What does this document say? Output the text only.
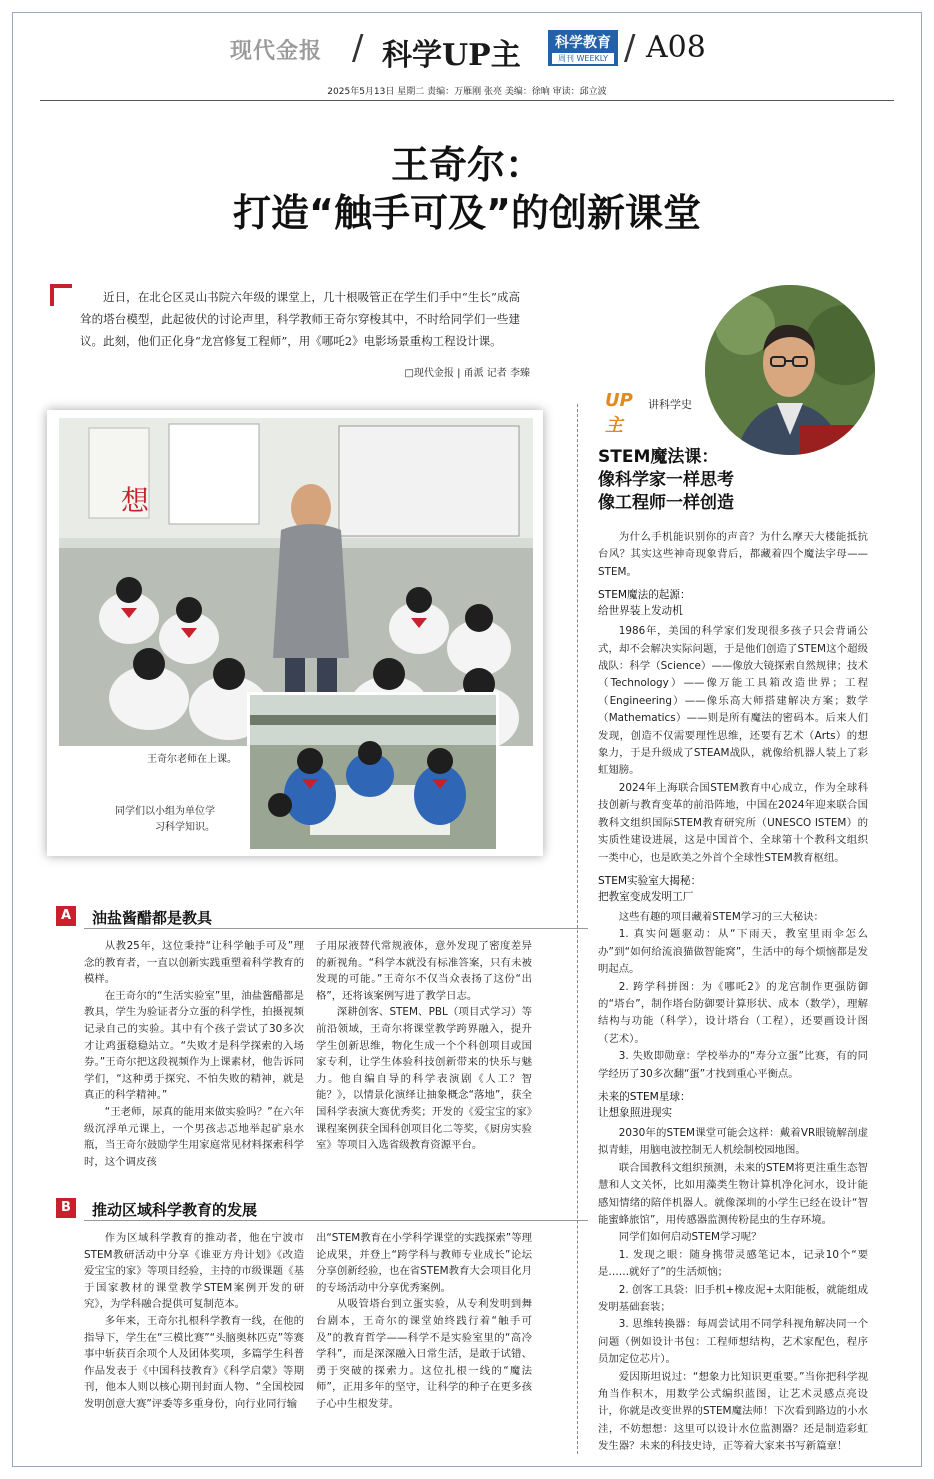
现代金报 / 科学UP主	科学教育
周刊 WEEKLY / A08
2025年5月13日 星期二 责编：万雁刚 张亮 美编：徐晌 审读：邱立波
王奇尔：
打造“触手可及”的创新课堂
近日，在北仑区灵山书院六年级的课堂上，几十根吸管正在学生们手中“生长”成高耸的塔台模型，此起彼伏的讨论声里，科学教师王奇尔穿梭其中，不时给同学们一些建议。此刻，他们正化身“龙宫修复工程师”，用《哪吒2》电影场景重构工程设计课。
□现代金报 | 甬派 记者 李臻
UP主
讲科学史
想
王奇尔老师在上课。
同学们以小组为单位学习科学知识。
A	油盐酱醋都是教具

从教25年，这位秉持“让科学触手可及”理念的教育者，一直以创新实践重塑着科学教育的模样。

在王奇尔的“生活实验室”里，油盐酱醋都是教具，学生为验证者分立蛋的科学性，拍摄视频记录自己的实验。其中有个孩子尝试了30多次才让鸡蛋稳稳站立。“失败才是科学探索的入场券。”王奇尔把这段视频作为上课素材，他告诉同学们，“这种勇于探究、不怕失败的精神，就是真正的科学精神。”

“王老师，尿真的能用来做实验吗？”在六年级沉浮单元课上，一个男孩忐忑地举起矿泉水瓶，当王奇尔鼓励学生用家庭常见材料探索科学时，这个调皮孩

子用尿液替代常规液体，意外发现了密度差异的新视角。“科学本就没有标准答案，只有未被发现的可能。”王奇尔不仅当众表扬了这份“出格”，还将该案例写进了教学日志。

深耕创客、STEM、PBL（项目式学习）等前沿领域，王奇尔将课堂教学跨界融入，提升学生创新思维，物化生成一个个科创项目或国家专利，让学生体验科技创新带来的快乐与魅力。他自编自导的科学表演剧《人工？智能？》，以情景化演绎让抽象概念“落地”，获全国科学表演大赛优秀奖；开发的《爱宝宝的家》课程案例获全国科创项目化二等奖，《厨房实验室》等项目入选省级教育资源平台。

B	推动区域科学教育的发展

作为区域科学教育的推动者，他在宁波市STEM教研活动中分享《谁亚方舟计划》《改造爱宝宝的家》等项目经验，主持的市级课题《基于国家教材的课堂教学STEM案例开发的研究》，为学科融合提供可复制范本。

多年来，王奇尔扎根科学教育一线，在他的指导下，学生在“三模比赛”“头脑奥林匹克”等赛事中斩获百余项个人及团体奖项，多篇学生科普作品发表于《中国科技教育》《科学启蒙》等期刊，他本人则以核心期刊封面人物、“全国校园发明创意大赛”评委等多重身份，向行业同行输

出“STEM教育在小学科学课堂的实践探索”等理论成果，并登上“跨学科与教师专业成长”论坛分享创新经验，也在省STEM教育大会项目化月的专场活动中分享优秀案例。

从吸管塔台到立蛋实验，从专利发明到舞台剧本，王奇尔的课堂始终践行着“触手可及”的教育哲学——科学不是实验室里的“高冷学科”，而是深深融入日常生活，是敢于试错、勇于突破的探索力。这位扎根一线的“魔法师”，正用多年的坚守，让科学的种子在更多孩子心中生根发芽。

STEM魔法课：
像科学家一样思考
像工程师一样创造

为什么手机能识别你的声音？为什么摩天大楼能抵抗台风？其实这些神奇现象背后，都藏着四个魔法字母——STEM。

STEM魔法的起源：
给世界装上发动机

1986年，美国的科学家们发现很多孩子只会背诵公式，却不会解决实际问题，于是他们创造了STEM这个超级战队：科学（Science）——像放大镜探索自然规律；技术（Technology）——像万能工具箱改造世界；工程（Engineering）——像乐高大师搭建解决方案；数学（Mathematics）——则是所有魔法的密码本。后来人们发现，创造不仅需要理性思维，还要有艺术（Arts）的想象力，于是升级成了STEAM战队，就像给机器人装上了彩虹翅膀。

2024年上海联合国STEM教育中心成立，作为全球科技创新与教育变革的前沿阵地，中国在2024年迎来联合国教科文组织国际STEM教育研究所（UNESCO ISTEM）的实质性建设进展，这是中国首个、全球第十个教科文组织一类中心，也是欧美之外首个全球性STEM教育枢纽。

STEM实验室大揭秘：
把教室变成发明工厂

这些有趣的项目藏着STEM学习的三大秘诀：

1. 真实问题驱动：从“下雨天，教室里雨伞怎么办”到“如何给流浪猫做智能窝”，生活中的每个烦恼都是发明起点。

2. 跨学科拼图：为《哪吒2》的龙宫制作更强防御的“塔台”，制作塔台防御要计算形状、成本（数学），理解结构与功能（科学），设计塔台（工程），还要画设计图（艺术）。

3. 失败即勋章：学校举办的“寿分立蛋”比赛，有的同学经历了30多次翻“蛋”才找到重心平衡点。

未来的STEM星球：
让想象照进现实

2030年的STEM课堂可能会这样：戴着VR眼镜解剖虚拟青蛙，用脑电波控制无人机绘制校园地图。

联合国教科文组织预测，未来的STEM将更注重生态智慧和人文关怀，比如用藻类生物计算机净化河水，设计能感知情绪的陪伴机器人。就像深圳的小学生已经在设计“智能蜜蜂旅馆”，用传感器监测传粉昆虫的生存环境。

同学们如何启动STEM学习呢？

1. 发现之眼：随身携带灵感笔记本，记录10个“要是……就好了”的生活烦恼；

2. 创客工具袋：旧手机+橡皮泥+太阳能板，就能组成发明基础套装；

3. 思维转换器：每周尝试用不同学科视角解决同一个问题（例如设计书包：工程师想结构，艺术家配色，程序员加定位芯片）。

爱因斯坦说过：“想象力比知识更重要。”当你把科学视角当作积木，用数学公式编织蓝图，让艺术灵感点亮设计，你就是改变世界的STEM魔法师！下次看到路边的小水洼，不妨想想：这里可以设计水位监测器？还是制造彩虹发生器？未来的科技史诗，正等着大家来书写新篇章！
